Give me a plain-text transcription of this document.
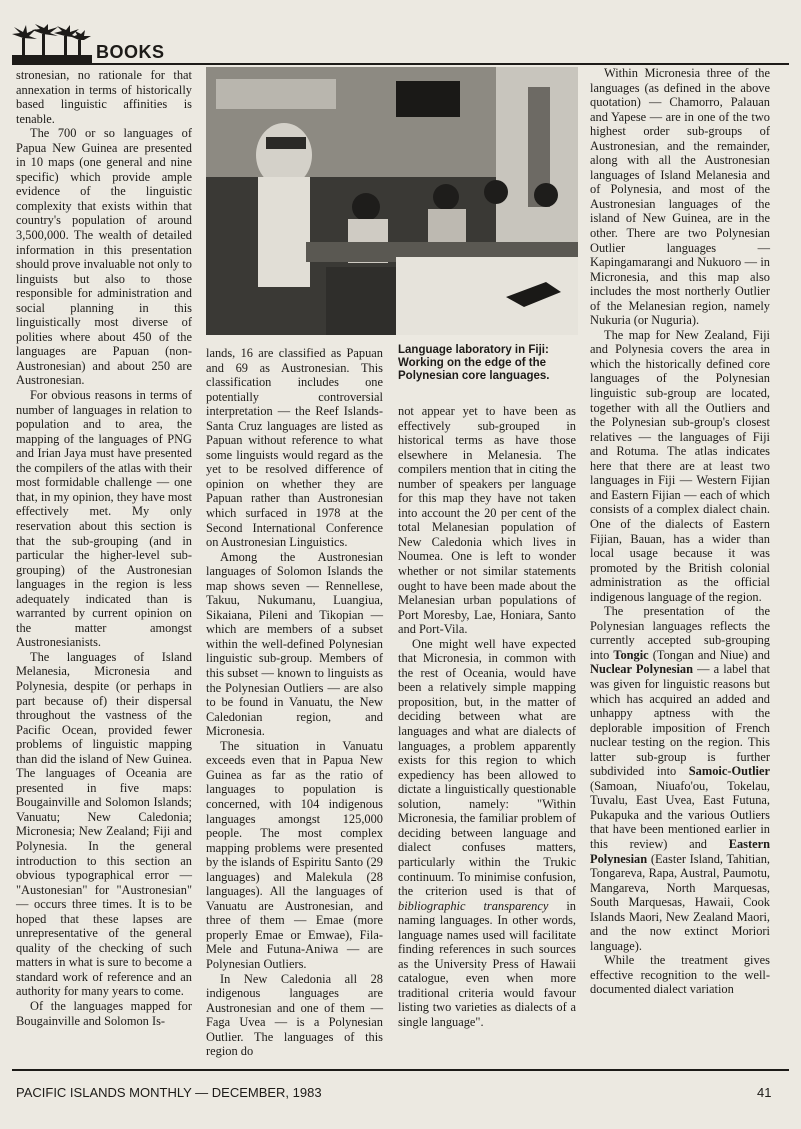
BOOKS

stronesian, no rationale for that annexation in terms of historically based linguistic affinities is tenable.

The 700 or so languages of Papua New Guinea are presented in 10 maps (one general and nine specific) which provide ample evidence of the linguistic complexity that exists within that country's population of around 3,500,000. The wealth of detailed information in this presentation should prove invaluable not only to linguists but also to those responsible for administration and social planning in this linguistically most diverse of polities where about 450 of the languages are Papuan (non-Austronesian) and about 250 are Austronesian.

For obvious reasons in terms of number of languages in relation to population and to area, the mapping of the languages of PNG and Irian Jaya must have presented the compilers of the atlas with their most formidable challenge — one that, in my opinion, they have most effectively met. My only reservation about this section is that the sub-grouping (and in particular the higher-level sub-grouping) of the Austronesian languages in the region is less adequately indicated than is warranted by current opinion on the matter amongst Austronesianists.

The languages of Island Melanesia, Micronesia and Polynesia, despite (or perhaps in part because of) their dispersal throughout the vastness of the Pacific Ocean, provided fewer problems of linguistic mapping than did the island of New Guinea. The languages of Oceania are presented in five maps: Bougainville and Solomon Islands; Vanuatu; New Caledonia; Micronesia; New Zealand; Fiji and Polynesia. In the general introduction to this section an obvious typographical error — "Austonesian" for "Austronesian" — occurs three times. It is to be hoped that these lapses are unrepresentative of the general quality of the checking of such matters in what is sure to become a standard work of reference and an authority for many years to come.

Of the languages mapped for Bougainville and Solomon Is-

Language laboratory in Fiji: Working on the edge of the Polynesian core languages.

lands, 16 are classified as Papuan and 69 as Austronesian. This classification includes one potentially controversial interpretation — the Reef Islands-Santa Cruz languages are listed as Papuan without reference to what some linguists would regard as the yet to be resolved difference of opinion on whether they are Papuan rather than Austronesian which surfaced in 1978 at the Second International Conference on Austronesian Linguistics.

Among the Austronesian languages of Solomon Islands the map shows seven — Rennellese, Takuu, Nukumanu, Luangiua, Sikaiana, Pileni and Tikopian — which are members of a subset within the well-defined Polynesian linguistic sub-group. Members of this subset — known to linguists as the Polynesian Outliers — are also to be found in Vanuatu, the New Caledonian region, and Micronesia.

The situation in Vanuatu exceeds even that in Papua New Guinea as far as the ratio of languages to population is concerned, with 104 indigenous languages amongst 125,000 people. The most complex mapping problems were presented by the islands of Espiritu Santo (29 languages) and Malekula (28 languages). All the languages of Vanuatu are Austronesian, and three of them — Emae (more properly Emae or Emwae), Fila-Mele and Futuna-Aniwa — are Polynesian Outliers.

In New Caledonia all 28 indigenous languages are Austronesian and one of them — Faga Uvea — is a Polynesian Outlier. The languages of this region do

not appear yet to have been as effectively sub-grouped in historical terms as have those elsewhere in Melanesia. The compilers mention that in citing the number of speakers per language for this map they have not taken into account the 20 per cent of the total Melanesian population of New Caledonia which lives in Noumea. One is left to wonder whether or not similar statements ought to have been made about the Melanesian urban populations of Port Moresby, Lae, Honiara, Santo and Port-Vila.

One might well have expected that Micronesia, in common with the rest of Oceania, would have been a relatively simple mapping proposition, but, in the matter of deciding between what are languages and what are dialects of languages, a problem apparently exists for this region to which expediency has been allowed to dictate a linguistically questionable solution, namely: "Within Micronesia, the familiar problem of deciding between language and dialect confuses matters, particularly within the Trukic continuum. To minimise confusion, the criterion used is that of bibliographic transparency in naming languages. In other words, language names used will facilitate finding references in such sources as the University Press of Hawaii catalogue, even when more traditional criteria would favour listing two varieties as dialects of a single language".

Within Micronesia three of the languages (as defined in the above quotation) — Chamorro, Palauan and Yapese — are in one of the two highest order sub-groups of Austronesian, and the remainder, along with all the Austronesian languages of Island Melanesia and of Polynesia, and most of the Austronesian languages of the island of New Guinea, are in the other. There are two Polynesian Outlier languages — Kapingamarangi and Nukuoro — in Micronesia, and this map also includes the most northerly Outlier of the Melanesian region, namely Nukuria (or Nuguria).

The map for New Zealand, Fiji and Polynesia covers the area in which the historically defined core languages of the Polynesian linguistic sub-group are located, together with all the Outliers and the Polynesian sub-group's closest relatives — the languages of Fiji and Rotuma. The atlas indicates here that there are at least two languages in Fiji — Western Fijian and Eastern Fijian — each of which consists of a complex dialect chain. One of the dialects of Eastern Fijian, Bauan, has a wider than local usage because it was promoted by the British colonial administration as the official indigenous language of the region.

The presentation of the Polynesian languages reflects the currently accepted sub-grouping into Tongic (Tongan and Niue) and Nuclear Polynesian — a label that was given for linguistic reasons but which has acquired an added and unhappy aptness with the deplorable imposition of French nuclear testing on the region. This latter sub-group is further subdivided into Samoic-Outlier (Samoan, Niuafo'ou, Tokelau, Tuvalu, East Uvea, East Futuna, Pukapuka and the various Outliers that have been mentioned earlier in this review) and Eastern Polynesian (Easter Island, Tahitian, Tongareva, Rapa, Austral, Paumotu, Mangareva, North Marquesas, South Marquesas, Hawaii, Cook Islands Maori, New Zealand Maori, and the now extinct Moriori language).

While the treatment gives effective recognition to the well-documented dialect variation

PACIFIC ISLANDS MONTHLY — DECEMBER, 1983	41
